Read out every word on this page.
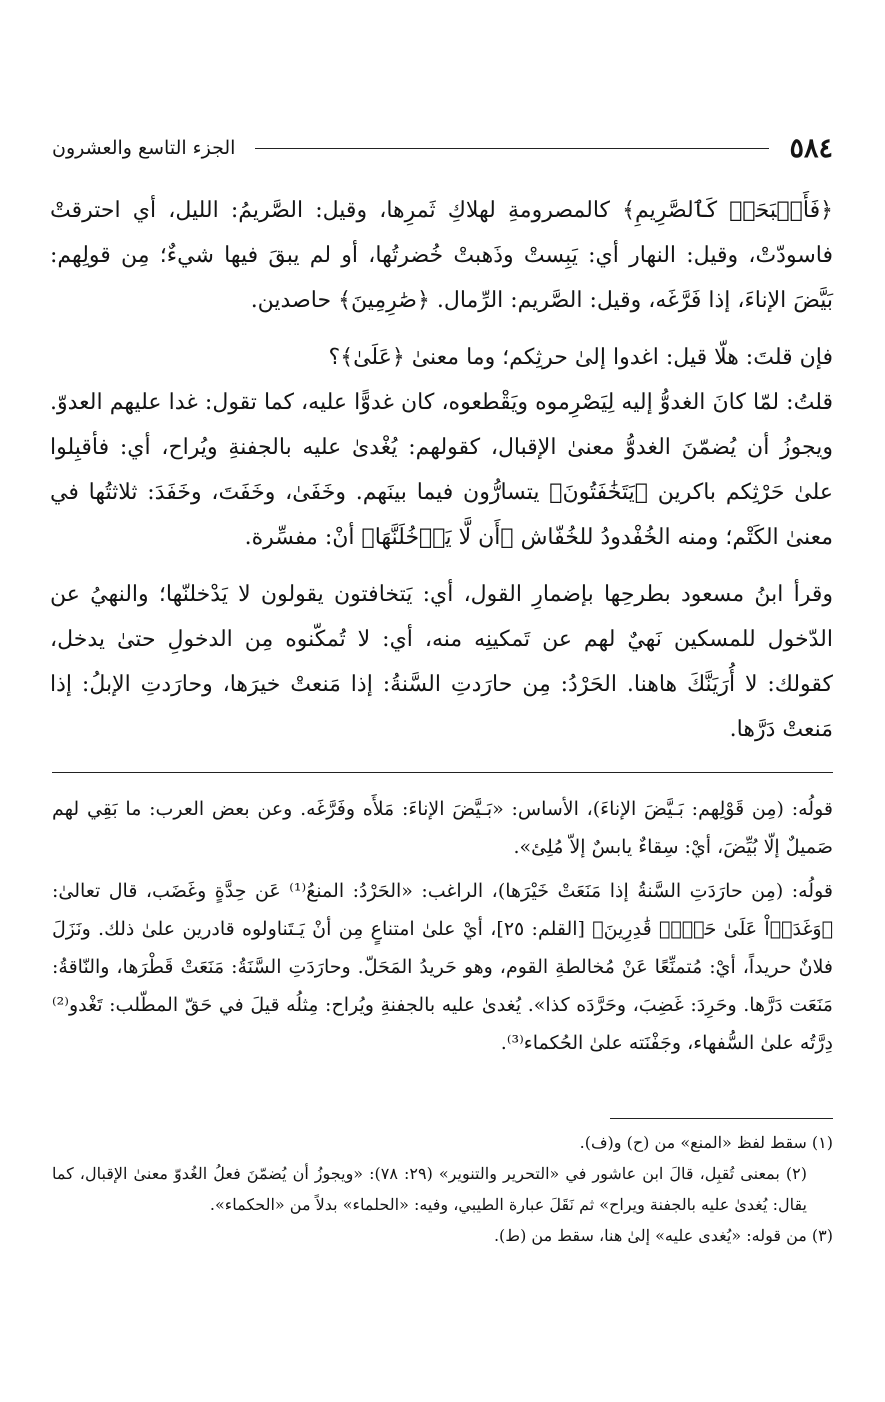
٥٨٤
الجزء التاسع والعشرون

﴿فَأَصۡبَحَتۡ كَٱلصَّرِيمِ﴾ كالمصرومةِ لهلاكِ ثَمرِها، وقيل: الصَّريمُ: الليل، أي احترقتْ فاسودّتْ، وقيل: النهار أي: يَبِستْ وذَهبتْ خُضرتُها، أو لم يبقَ فيها شيءٌ؛ مِن قولِهم: بَيَّضَ الإناءَ، إذا فَرَّغَه، وقيل: الصَّريم: الرِّمال. ﴿صَٰرِمِينَ﴾ حاصدين.

فإن قلتَ: هلّا قيل: اغدوا إلىٰ حرثِكم؛ وما معنىٰ ﴿عَلَىٰ﴾؟

قلتُ: لمّا كانَ الغدوُّ إليه لِيَصْرِموه ويَقْطعوه، كان غدوًّا عليه، كما تقول: غدا عليهم العدوّ. ويجوزُ أن يُضمّنَ الغدوُّ معنىٰ الإقبال، كقولهم: يُغْدىٰ عليه بالجفنةِ ويُراح، أي: فأقبِلوا علىٰ حَرْثِكم باكرين ﴿يَتَخَٰفَتُونَ﴾ يتسارُّون فيما بينَهم. وخَفَىٰ، وخَفَتَ، وخَفَدَ: ثلاثتُها في معنىٰ الكَتْم؛ ومنه الخُفْدودُ للخُفّاش ﴿أَن لَّا يَدۡخُلَنَّهَا﴾ أنْ: مفسِّرة.

وقرأ ابنُ مسعود بطرحِها بإضمارِ القول، أي: يَتخافتون يقولون لا يَدْخلنّها؛ والنهيُ عن الدّخول للمسكين نَهيٌ لهم عن تَمكينِه منه، أي: لا تُمكّنوه مِن الدخولِ حتىٰ يدخل، كقولك: لا أُرَيَنَّكَ هاهنا. الحَرْدُ: مِن حارَدتِ السَّنةُ: إذا مَنعتْ خيرَها، وحارَدتِ الإبلُ: إذا مَنعتْ دَرَّها.

قولُه: (مِن قَوْلِهم: بَـيَّضَ الإناءَ)، الأساس: «بَـيَّضَ الإناءَ: مَلأَه وفَرَّغَه. وعن بعض العرب: ما بَقِي لهم صَميلٌ إلّا بُيِّضَ، أيْ: سِقاءٌ يابسٌ إلاّ مُلِئ».

قولُه: (مِن حارَدَتِ السَّنةُ إذا مَنَعَتْ خَيْرَها)، الراغب: «الحَرْدُ: المنعُ⁽¹⁾ عَن حِدَّةٍ وغَضَب، قال تعالىٰ: ﴿وَغَدَوۡاْ عَلَىٰ حَرۡدٖ قَٰدِرِينَ﴾ [القلم: ٢٥]، أيْ علىٰ امتناعٍ مِن أنْ يَـتَناولوه قادرين علىٰ ذلك. ونَزَلَ فلانٌ حريداً، أيْ: مُتمنِّعًا عَنْ مُخالطةِ القوم، وهو حَريدُ المَحَلّ. وحارَدَتِ السَّنَةُ: مَنَعَتْ قَطْرَها، والنّاقةُ: مَنَعَت دَرَّها. وحَرِدَ: غَضِبَ، وحَرَّدَه كذا». يُغدىٰ عليه بالجفنةِ ويُراح: مِثلُه قيلَ في حَقّ المطّلب: تَغْدو⁽²⁾ دِرَّتُه علىٰ السُّفهاء، وجَفْنَته علىٰ الحُكماء⁽³⁾.

(١) سقط لفظ «المنع» من (ح) و(ف).

(٢) بمعنى تُقبِل، قالَ ابن عاشور في «التحرير والتنوير» (٢٩: ٧٨): «ويجوزُ أن يُضمّنَ فعلُ الغُدوّ معنىٰ الإقبال، كما يقال: يُغدىٰ عليه بالجفنة ويراح» ثم نَقَلَ عبارة الطيبي، وفيه: «الحلماء» بدلاً من «الحكماء».

(٣) من قوله: «يُغدى عليه» إلىٰ هنا، سقط من (ط).
